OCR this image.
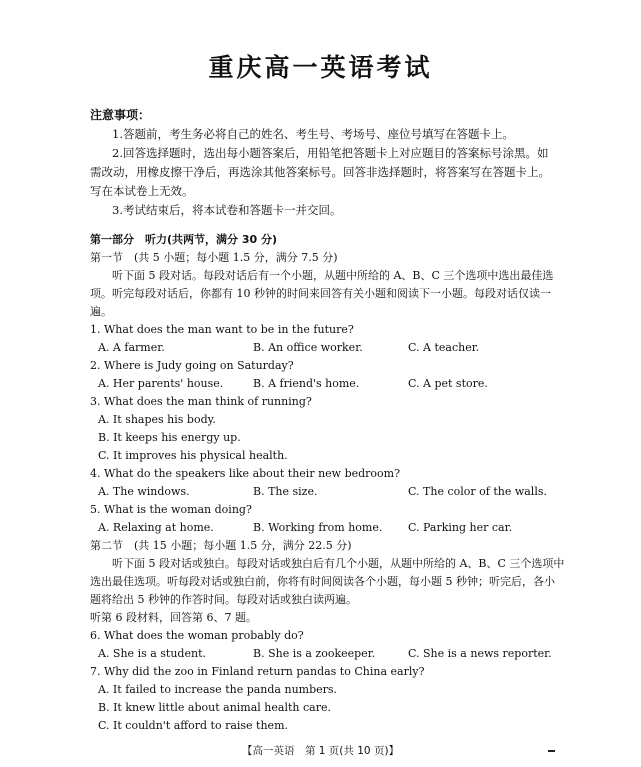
重庆高一英语考试
注意事项：

1.答题前，考生务必将自己的姓名、考生号、考场号、座位号填写在答题卡上。

2.回答选择题时，选出每小题答案后，用铅笔把答题卡上对应题目的答案标号涂黑。如需改动，用橡皮擦干净后，再选涂其他答案标号。回答非选择题时，将答案写在答题卡上。写在本试卷上无效。

3.考试结束后，将本试卷和答题卡一并交回。

第一部分　听力(共两节，满分 30 分)

第一节　(共 5 小题；每小题 1.5 分，满分 7.5 分)

听下面 5 段对话。每段对话后有一个小题，从题中所给的 A、B、C 三个选项中选出最佳选项。听完每段对话后，你都有 10 秒钟的时间来回答有关小题和阅读下一小题。每段对话仅读一遍。

1. What does the man want to be in the future?

A. A farmer.	B. An office worker.	C. A teacher.

2. Where is Judy going on Saturday?

A. Her parents' house.	B. A friend's home.	C. A pet store.

3. What does the man think of running?

A. It shapes his body.

B. It keeps his energy up.

C. It improves his physical health.

4. What do the speakers like about their new bedroom?

A. The windows.	B. The size.	C. The color of the walls.

5. What is the woman doing?

A. Relaxing at home.	B. Working from home.	C. Parking her car.

第二节　(共 15 小题；每小题 1.5 分，满分 22.5 分)

听下面 5 段对话或独白。每段对话或独白后有几个小题，从题中所给的 A、B、C 三个选项中选出最佳选项。听每段对话或独白前，你将有时间阅读各个小题，每小题 5 秒钟；听完后，各小题将给出 5 秒钟的作答时间。每段对话或独白读两遍。

听第 6 段材料，回答第 6、7 题。

6. What does the woman probably do?

A. She is a student.	B. She is a zookeeper.	C. She is a news reporter.

7. Why did the zoo in Finland return pandas to China early?

A. It failed to increase the panda numbers.

B. It knew little about animal health care.

C. It couldn't afford to raise them.

【高一英语　第 1 页(共 10 页)】
